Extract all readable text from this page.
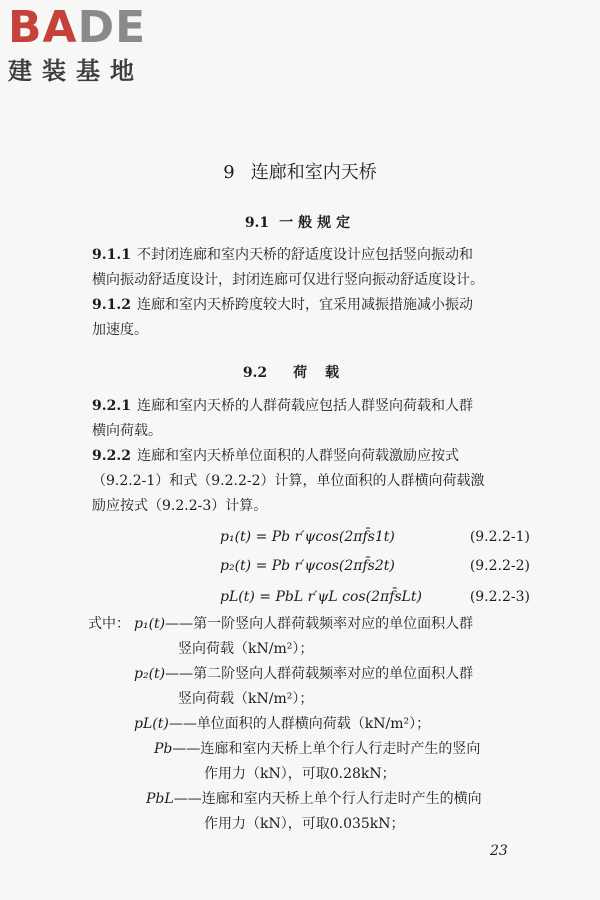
BADE
建装基地
9 连廊和室内天桥
9.1 一般规定
9.1.1 不封闭连廊和室内天桥的舒适度设计应包括竖向振动和
横向振动舒适度设计，封闭连廊可仅进行竖向振动舒适度设计。
9.1.2 连廊和室内天桥跨度较大时，宜采用减振措施减小振动
加速度。
9.2 荷载
9.2.1 连廊和室内天桥的人群荷载应包括人群竖向荷载和人群
横向荷载。
9.2.2 连廊和室内天桥单位面积的人群竖向荷载激励应按式
（9.2.2-1）和式（9.2.2-2）计算，单位面积的人群横向荷载激
励应按式（9.2.2-3）计算。
p₁(t) = Pb r′ψcos(2πf̄s1t)	(9.2.2-1)
p₂(t) = Pb r′ψcos(2πf̄s2t)	(9.2.2-2)
pL(t) = PbL r′ψL cos(2πf̄sLt)	(9.2.2-3)
式中： p₁(t)——第一阶竖向人群荷载频率对应的单位面积人群
竖向荷载（kN/m²）；
p₂(t)——第二阶竖向人群荷载频率对应的单位面积人群
竖向荷载（kN/m²）；
pL(t)——单位面积的人群横向荷载（kN/m²）；
Pb——连廊和室内天桥上单个行人行走时产生的竖向
作用力（kN），可取0.28kN；
PbL——连廊和室内天桥上单个行人行走时产生的横向
作用力（kN），可取0.035kN；
23
